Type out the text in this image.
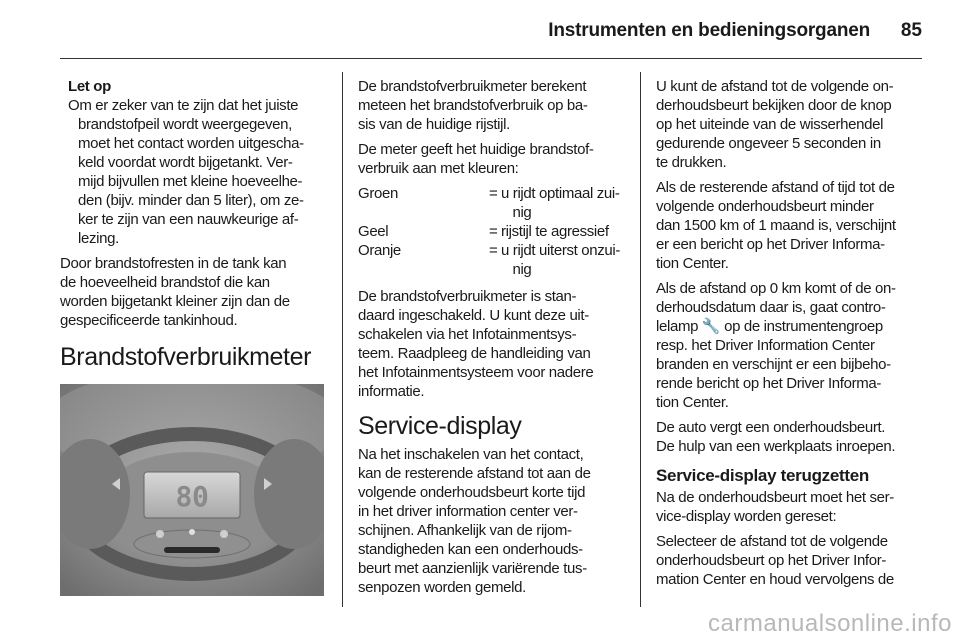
Instrumenten en bedieningsorganen	85
Let op
Om er zeker van te zijn dat het juiste
brandstofpeil wordt weergegeven,
moet het contact worden uitgescha-
keld voordat wordt bijgetankt. Ver-
mijd bijvullen met kleine hoeveelhe-
den (bijv. minder dan 5 liter), om ze-
ker te zijn van een nauwkeurige af-
lezing.

Door brandstofresten in de tank kan
de hoeveelheid brandstof die kan
worden bijgetankt kleiner zijn dan de
gespecificeerde tankinhoud.

Brandstofverbruikmeter
80

De brandstofverbruikmeter berekent
meteen het brandstofverbruik op ba-
sis van de huidige rijstijl.

De meter geeft het huidige brandstof-
verbruik aan met kleuren:

Groen	= u rijdt optimaal zui-
nig
Geel	= rijstijl te agressief
Oranje	= u rijdt uiterst onzui-
nig

De brandstofverbruikmeter is stan-
daard ingeschakeld. U kunt deze uit-
schakelen via het Infotainmentsys-
teem. Raadpleeg de handleiding van
het Infotainmentsysteem voor nadere
informatie.

Service-display

Na het inschakelen van het contact,
kan de resterende afstand tot aan de
volgende onderhoudsbeurt korte tijd
in het driver information center ver-
schijnen. Afhankelijk van de rijom-
standigheden kan een onderhouds-
beurt met aanzienlijk variërende tus-
senpozen worden gemeld.

U kunt de afstand tot de volgende on-
derhoudsbeurt bekijken door de knop
op het uiteinde van de wisserhendel
gedurende ongeveer 5 seconden in
te drukken.

Als de resterende afstand of tijd tot de
volgende onderhoudsbeurt minder
dan 1500 km of 1 maand is, verschijnt
er een bericht op het Driver Informa-
tion Center.

Als de afstand op 0 km komt of de on-
derhoudsdatum daar is, gaat contro-
lelamp 🔧 op de instrumentengroep
resp. het Driver Information Center
branden en verschijnt er een bijbeho-
rende bericht op het Driver Informa-
tion Center.

De auto vergt een onderhoudsbeurt.
De hulp van een werkplaats inroepen.

Service-display terugzetten

Na de onderhoudsbeurt moet het ser-
vice-display worden gereset:

Selecteer de afstand tot de volgende
onderhoudsbeurt op het Driver Infor-
mation Center en houd vervolgens de

carmanualsonline.info
